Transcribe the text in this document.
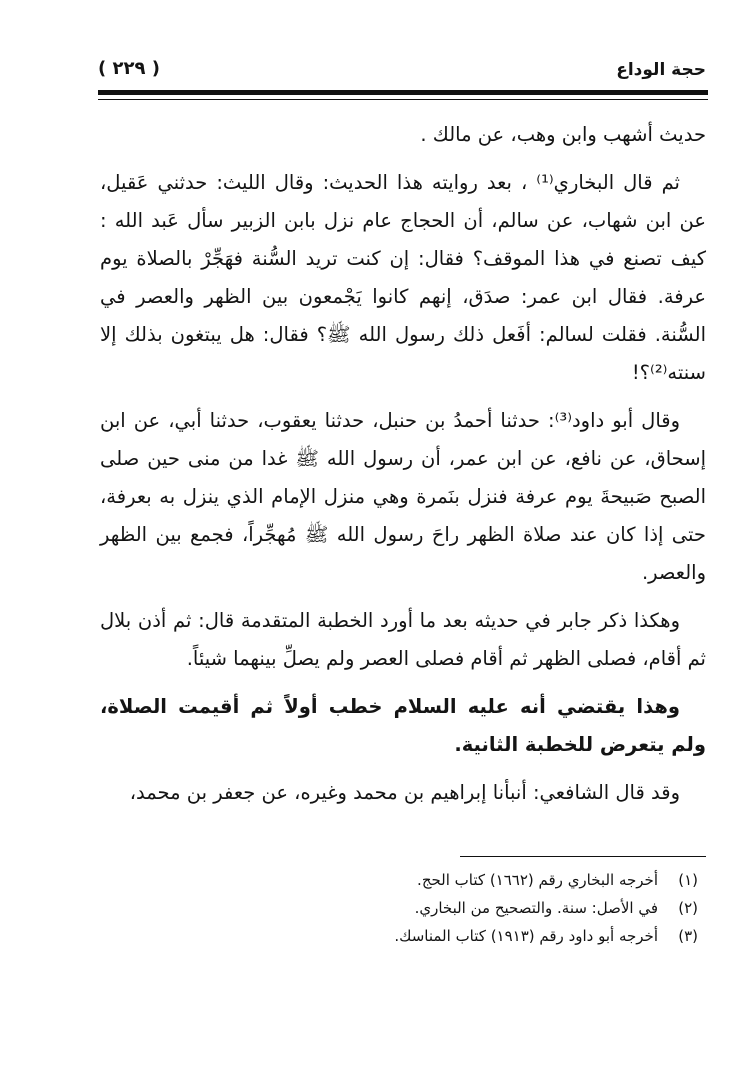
حجة الوداع
( ٢٢٩ )

حديث أشهب وابن وهب، عن مالك .

ثم قال البخاري⁽¹⁾ ، بعد روايته هذا الحديث: وقال الليث: حدثني عَقيل، عن ابن شهاب، عن سالم، أن الحجاج عام نزل بابن الزبير سأل عَبد الله : كيف تصنع في هذا الموقف؟ فقال: إن كنت تريد السُّنة فهَجِّرْ بالصلاة يوم عرفة. فقال ابن عمر: صدَق، إنهم كانوا يَجْمعون بين الظهر والعصر في السُّنة. فقلت لسالم: أفَعل ذلك رسول الله ﷺ؟ فقال: هل يبتغون بذلك إلا سنته⁽²⁾؟!

وقال أبو داود⁽³⁾: حدثنا أحمدُ بن حنبل، حدثنا يعقوب، حدثنا أبي، عن ابن إسحاق، عن نافع، عن ابن عمر، أن رسول الله ﷺ غدا من منى حين صلى الصبح صَبيحةَ يوم عرفة فنزل بنَمرة وهي منزل الإمام الذي ينزل به بعرفة، حتى إذا كان عند صلاة الظهر راحَ رسول الله ﷺ مُهجِّراً، فجمع بين الظهر والعصر.

وهكذا ذكر جابر في حديثه بعد ما أورد الخطبة المتقدمة قال: ثم أذن بلال ثم أقام، فصلى الظهر ثم أقام فصلى العصر ولم يصلِّ بينهما شيئاً.

وهذا يقتضي أنه عليه السلام خطب أولاً ثم أقيمت الصلاة، ولم يتعرض للخطبة الثانية.

وقد قال الشافعي: أنبأنا إبراهيم بن محمد وغيره، عن جعفر بن محمد،

(١)
أخرجه البخاري رقم (١٦٦٢) كتاب الحج.
(٢)
في الأصل: سنة. والتصحيح من البخاري.
(٣)
أخرجه أبو داود رقم (١٩١٣) كتاب المناسك.
